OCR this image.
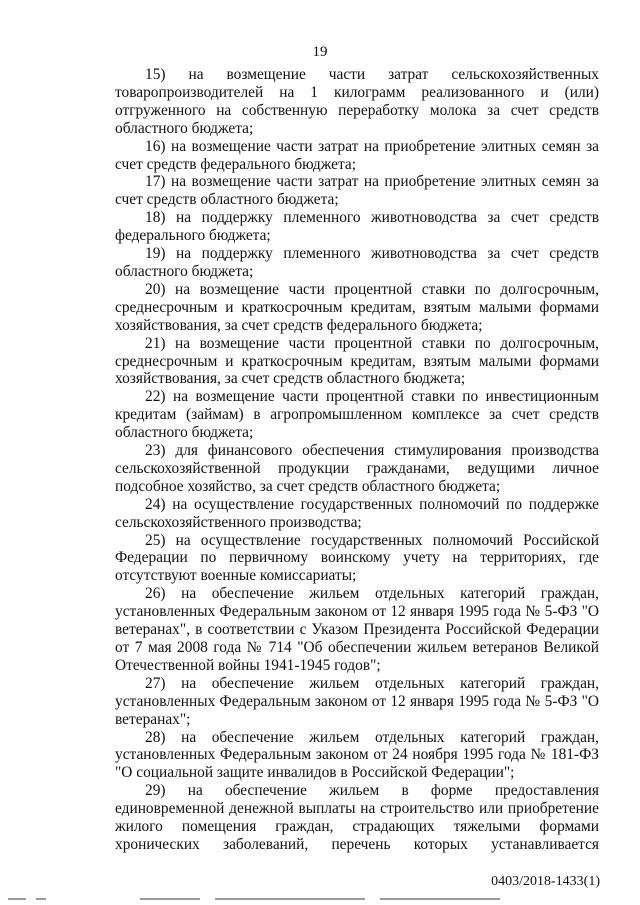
19
15) на возмещение части затрат сельскохозяйственных
товаропроизводителей на 1 килограмм реализованного и (или) отгруженного на собственную переработку молока за счет средств областного бюджета;
16) на возмещение части затрат на приобретение элитных семян за
счет средств федерального бюджета;
17) на возмещение части затрат на приобретение элитных семян за
счет средств областного бюджета;
18) на поддержку племенного животноводства за счет средств
федерального бюджета;
19) на поддержку племенного животноводства за счет средств
областного бюджета;
20) на возмещение части процентной ставки по долгосрочным,
среднесрочным и краткосрочным кредитам, взятым малыми формами хозяйствования, за счет средств федерального бюджета;
21) на возмещение части процентной ставки по долгосрочным,
среднесрочным и краткосрочным кредитам, взятым малыми формами хозяйствования, за счет средств областного бюджета;
22) на возмещение части процентной ставки по инвестиционным
кредитам (займам) в агропромышленном комплексе за счет средств областного бюджета;
23) для финансового обеспечения стимулирования производства
сельскохозяйственной продукции гражданами, ведущими личное подсобное хозяйство, за счет средств областного бюджета;
24) на осуществление государственных полномочий по поддержке
сельскохозяйственного производства;
25) на осуществление государственных полномочий Российской
Федерации по первичному воинскому учету на территориях, где отсутствуют военные комиссариаты;
26) на обеспечение жильем отдельных категорий граждан,
установленных Федеральным законом от 12 января 1995 года № 5-ФЗ "О ветеранах", в соответствии с Указом Президента Российской Федерации от 7 мая 2008 года № 714 "Об обеспечении жильем ветеранов Великой Отечественной войны 1941-1945 годов";
27) на обеспечение жильем отдельных категорий граждан,
установленных Федеральным законом от 12 января 1995 года № 5-ФЗ "О ветеранах";
28) на обеспечение жильем отдельных категорий граждан,
установленных Федеральным законом от 24 ноября 1995 года № 181-ФЗ "О социальной защите инвалидов в Российской Федерации";
29) на обеспечение жильем в форме предоставления
единовременной денежной выплаты на строительство или приобретение жилого помещения граждан, страдающих тяжелыми формами хронических заболеваний, перечень которых устанавливается
0403/2018-1433(1)
